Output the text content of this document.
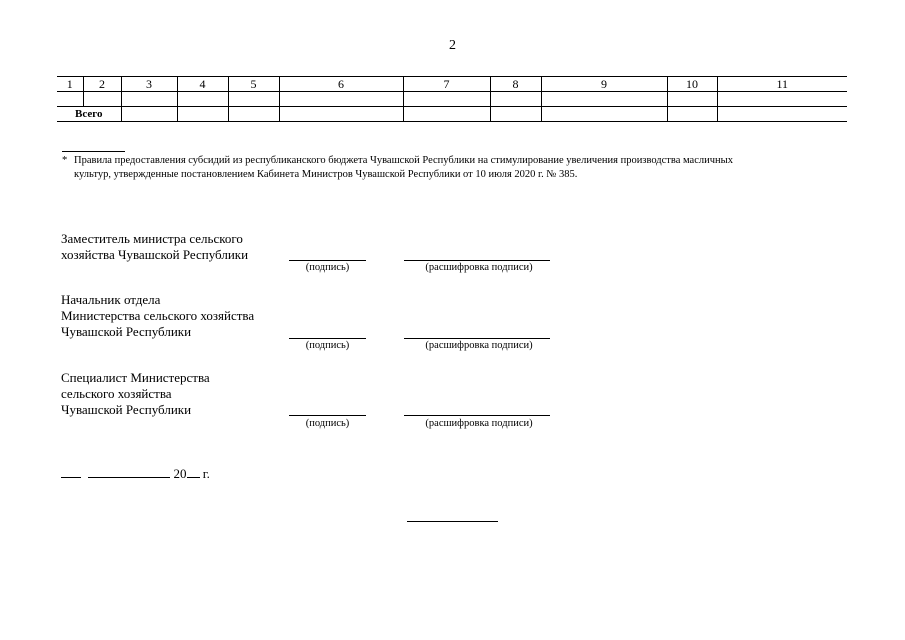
2
1	2	3	4	5	6	7	8	9	10	11

Всего										
* Правила предоставления субсидий из республиканского бюджета Чувашской Республики на стимулирование увеличения производства масличных
культур, утвержденные постановлением Кабинета Министров Чувашской Республики от 10 июля 2020 г. № 385.
Заместитель министра сельского
хозяйства Чувашской Республики
(подпись)	(расшифровка подписи)
Начальник отдела
Министерства сельского хозяйства
Чувашской Республики
(подпись)	(расшифровка подписи)
Специалист Министерства
сельского хозяйства
Чувашской Республики
(подпись)	(расшифровка подписи)
20 г.
